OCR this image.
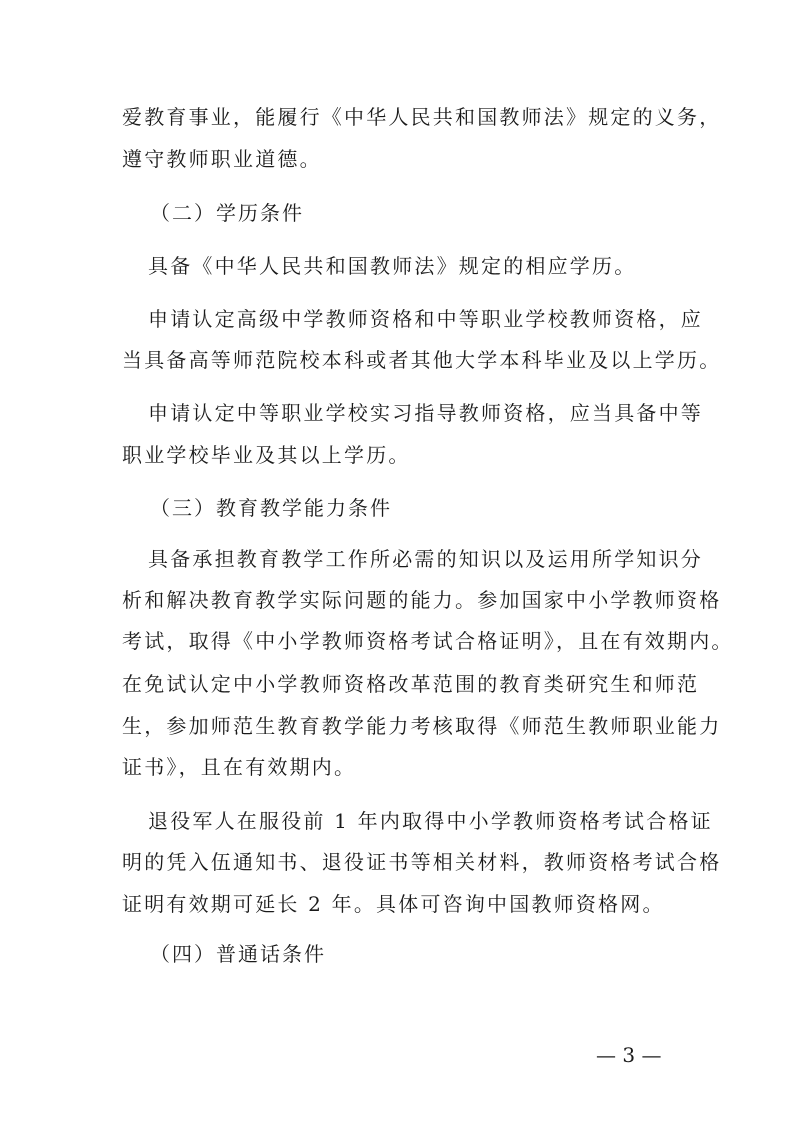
爱教育事业，能履行《中华人民共和国教师法》规定的义务，
遵守教师职业道德。
（二）学历条件
具备《中华人民共和国教师法》规定的相应学历。
申请认定高级中学教师资格和中等职业学校教师资格，应
当具备高等师范院校本科或者其他大学本科毕业及以上学历。
申请认定中等职业学校实习指导教师资格，应当具备中等
职业学校毕业及其以上学历。
（三）教育教学能力条件
具备承担教育教学工作所必需的知识以及运用所学知识分
析和解决教育教学实际问题的能力。参加国家中小学教师资格
考试，取得《中小学教师资格考试合格证明》，且在有效期内。
在免试认定中小学教师资格改革范围的教育类研究生和师范
生，参加师范生教育教学能力考核取得《师范生教师职业能力
证书》，且在有效期内。
退役军人在服役前 1 年内取得中小学教师资格考试合格证
明的凭入伍通知书、退役证书等相关材料，教师资格考试合格
证明有效期可延长 2 年。具体可咨询中国教师资格网。
（四）普通话条件
— 3 —
